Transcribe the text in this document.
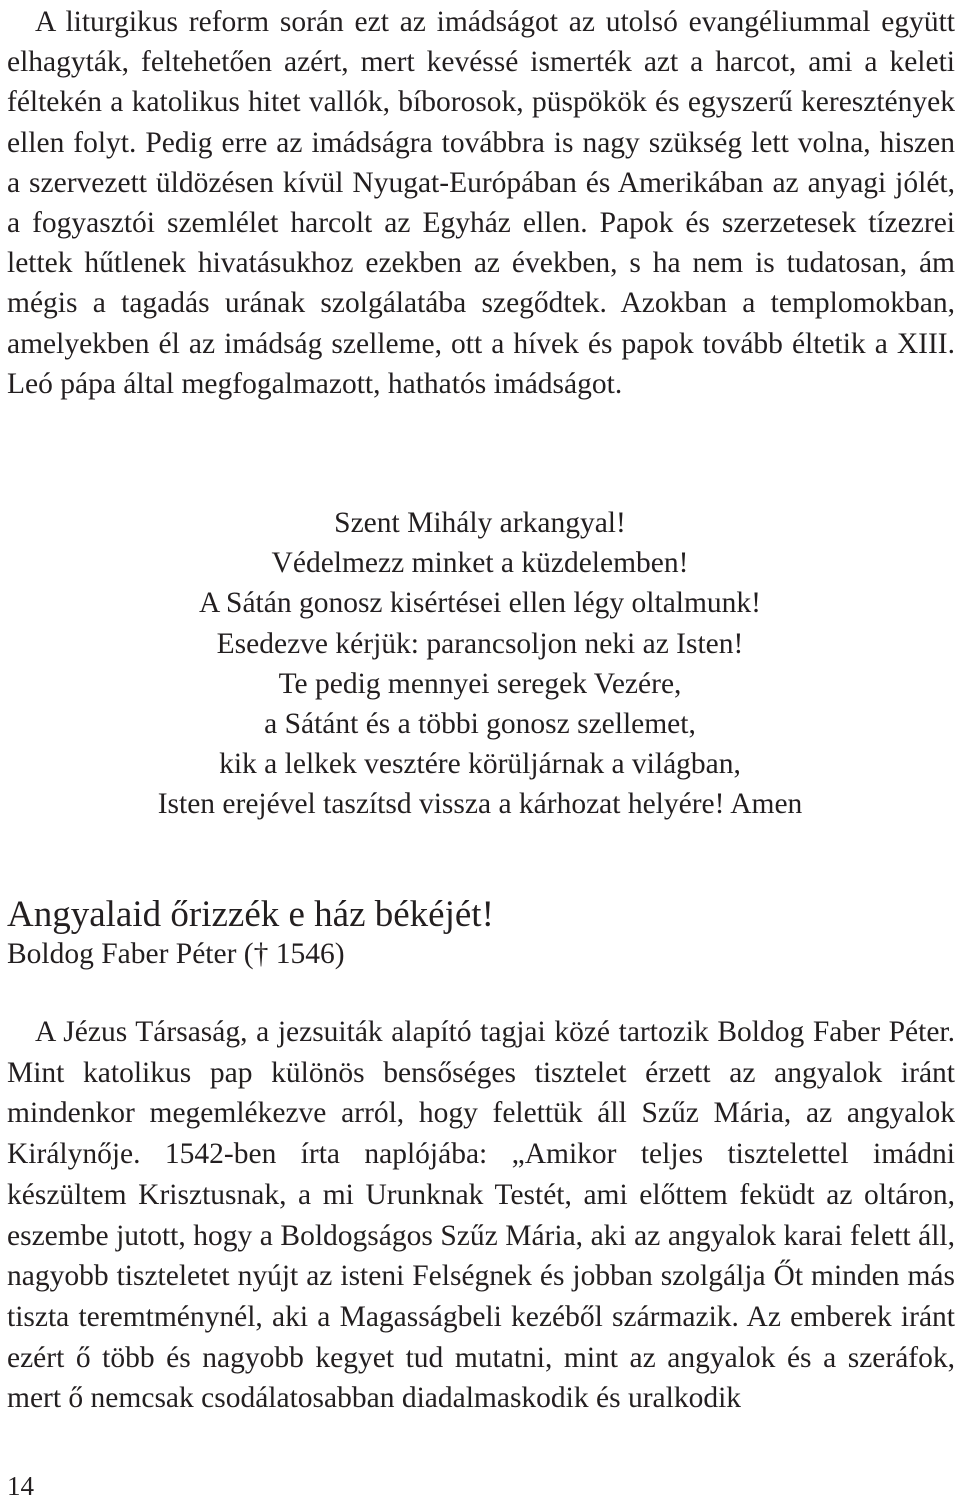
A liturgikus reform során ezt az imádságot az utolsó evangéliummal együtt elhagyták, feltehetően azért, mert kevéssé ismerték azt a harcot, ami a keleti féltekén a katolikus hitet vallók, bíborosok, püspökök és egyszerű keresztények ellen folyt. Pedig erre az imádságra továbbra is nagy szükség lett volna, hiszen a szervezett üldözésen kívül Nyugat-Európában és Amerikában az anyagi jólét, a fogyasztói szemlélet harcolt az Egyház ellen. Papok és szerzetesek tízezrei lettek hűtlenek hivatásukhoz ezekben az években, s ha nem is tudatosan, ám mégis a tagadás urának szolgálatába szegődtek. Azokban a templomokban, amelyekben él az imádság szelleme, ott a hívek és papok tovább éltetik a XIII. Leó pápa által megfogalmazott, hathatós imádságot.

Szent Mihály arkangyal!
Védelmezz minket a küzdelemben!
A Sátán gonosz kisértései ellen légy oltalmunk!
Esedezve kérjük: parancsoljon neki az Isten!
Te pedig mennyei seregek Vezére,
a Sátánt és a többi gonosz szellemet,
kik a lelkek vesztére körüljárnak a világban,
Isten erejével taszítsd vissza a kárhozat helyére! Amen
Angyalaid őrizzék e ház békéjét!

Boldog Faber Péter († 1546)

A Jézus Társaság, a jezsuiták alapító tagjai közé tartozik Boldog Faber Péter. Mint katolikus pap különös bensőséges tisztelet érzett az angyalok iránt mindenkor megemlékezve arról, hogy felettük áll Szűz Mária, az angyalok Királynője. 1542-ben írta naplójába: „Amikor teljes tisztelettel imádni készültem Krisztusnak, a mi Urunknak Testét, ami előttem feküdt az oltáron, eszembe jutott, hogy a Boldogságos Szűz Mária, aki az angyalok karai felett áll, nagyobb tiszteletet nyújt az isteni Felségnek és jobban szolgálja Őt minden más tiszta teremtménynél, aki a Magasságbeli kezéből származik. Az emberek iránt ezért ő több és nagyobb kegyet tud mutatni, mint az angyalok és a szeráfok, mert ő nemcsak csodálatosabban diadalmaskodik és uralkodik

14
